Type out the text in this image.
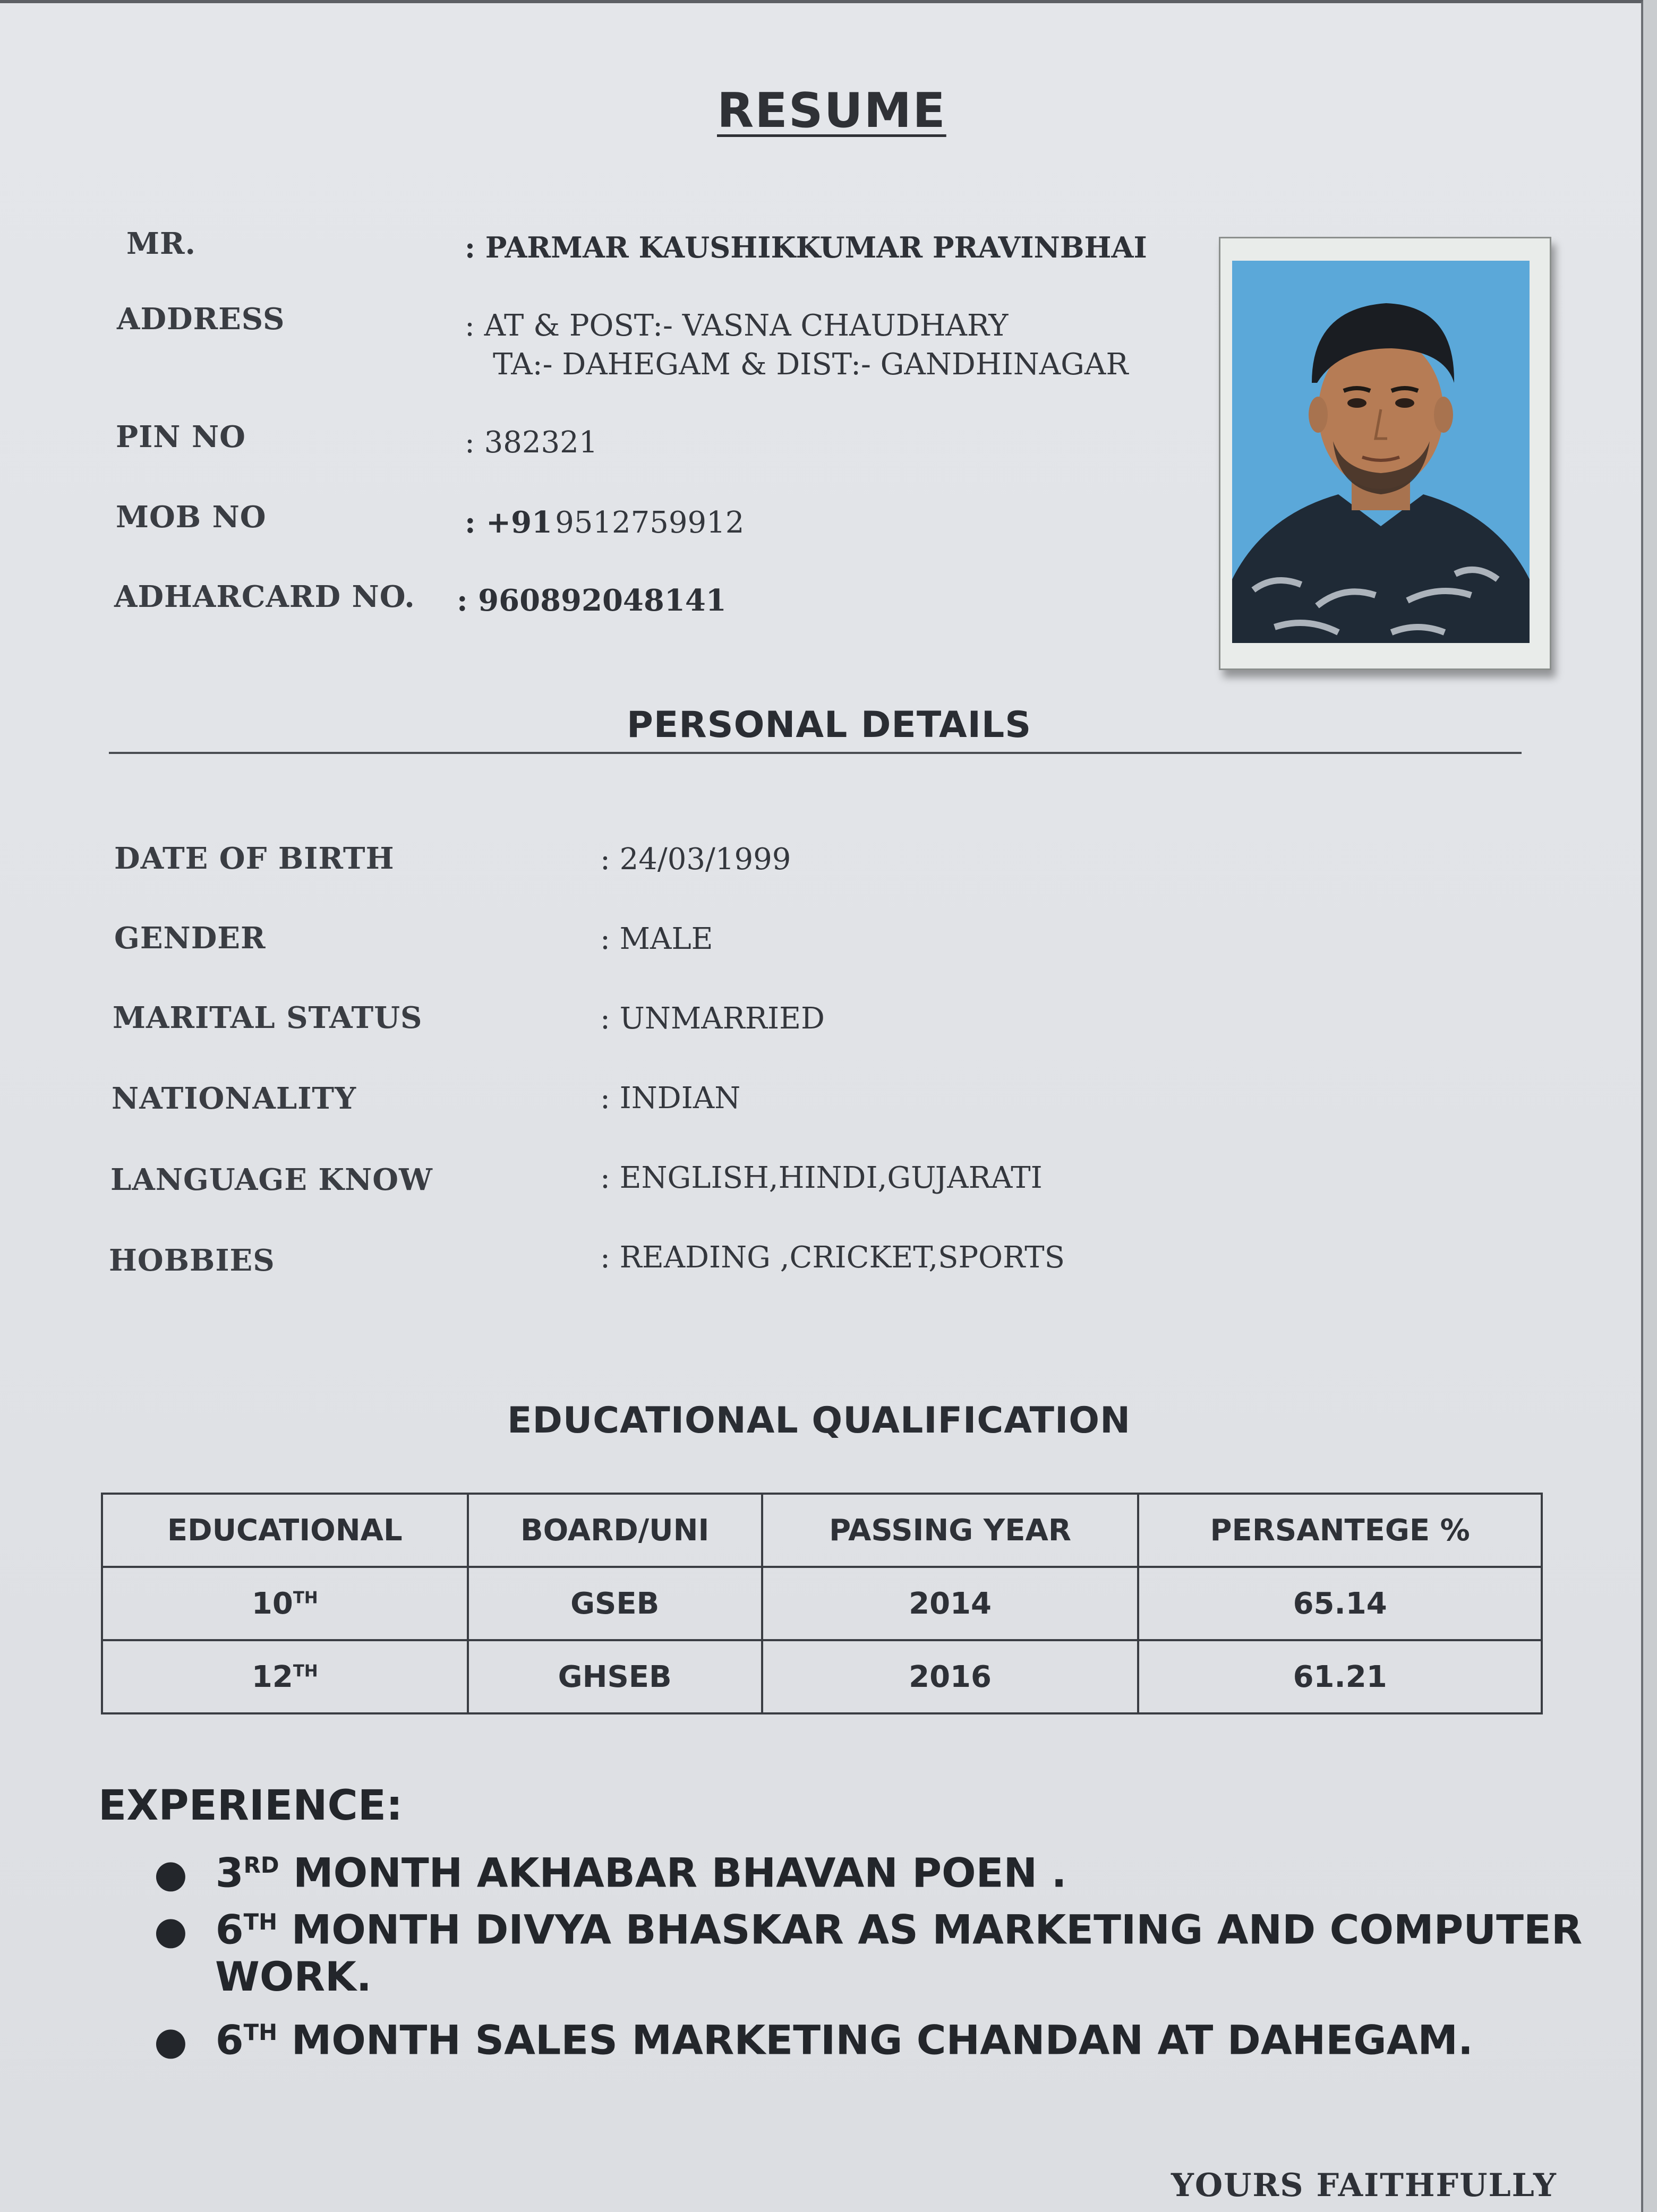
RESUME
MR.	: PARMAR KAUSHIKKUMAR PRAVINBHAI
ADDRESS	: AT & POST:- VASNA CHAUDHARY
TA:- DAHEGAM & DIST:- GANDHINAGAR
PIN NO	: 382321
MOB NO	: +91 9512759912
ADHARCARD NO. : 960892048141
PERSONAL DETAILS
DATE OF BIRTH	: 24/03/1999
GENDER	: MALE
MARITAL STATUS	: UNMARRIED
NATIONALITY	: INDIAN
LANGUAGE KNOW	: ENGLISH,HINDI,GUJARATI
HOBBIES	: READING ,CRICKET,SPORTS
EDUCATIONAL QUALIFICATION
EDUCATIONAL	BOARD/UNI	PASSING YEAR	PERSANTEGE %
10TH	GSEB	2014	65.14
12TH	GHSEB	2016	61.21
EXPERIENCE:
● 3RD MONTH AKHABAR BHAVAN POEN .
● 6TH MONTH DIVYA BHASKAR AS MARKETING AND COMPUTER
WORK.
● 6TH MONTH SALES MARKETING CHANDAN AT DAHEGAM.
YOURS FAITHFULLY
